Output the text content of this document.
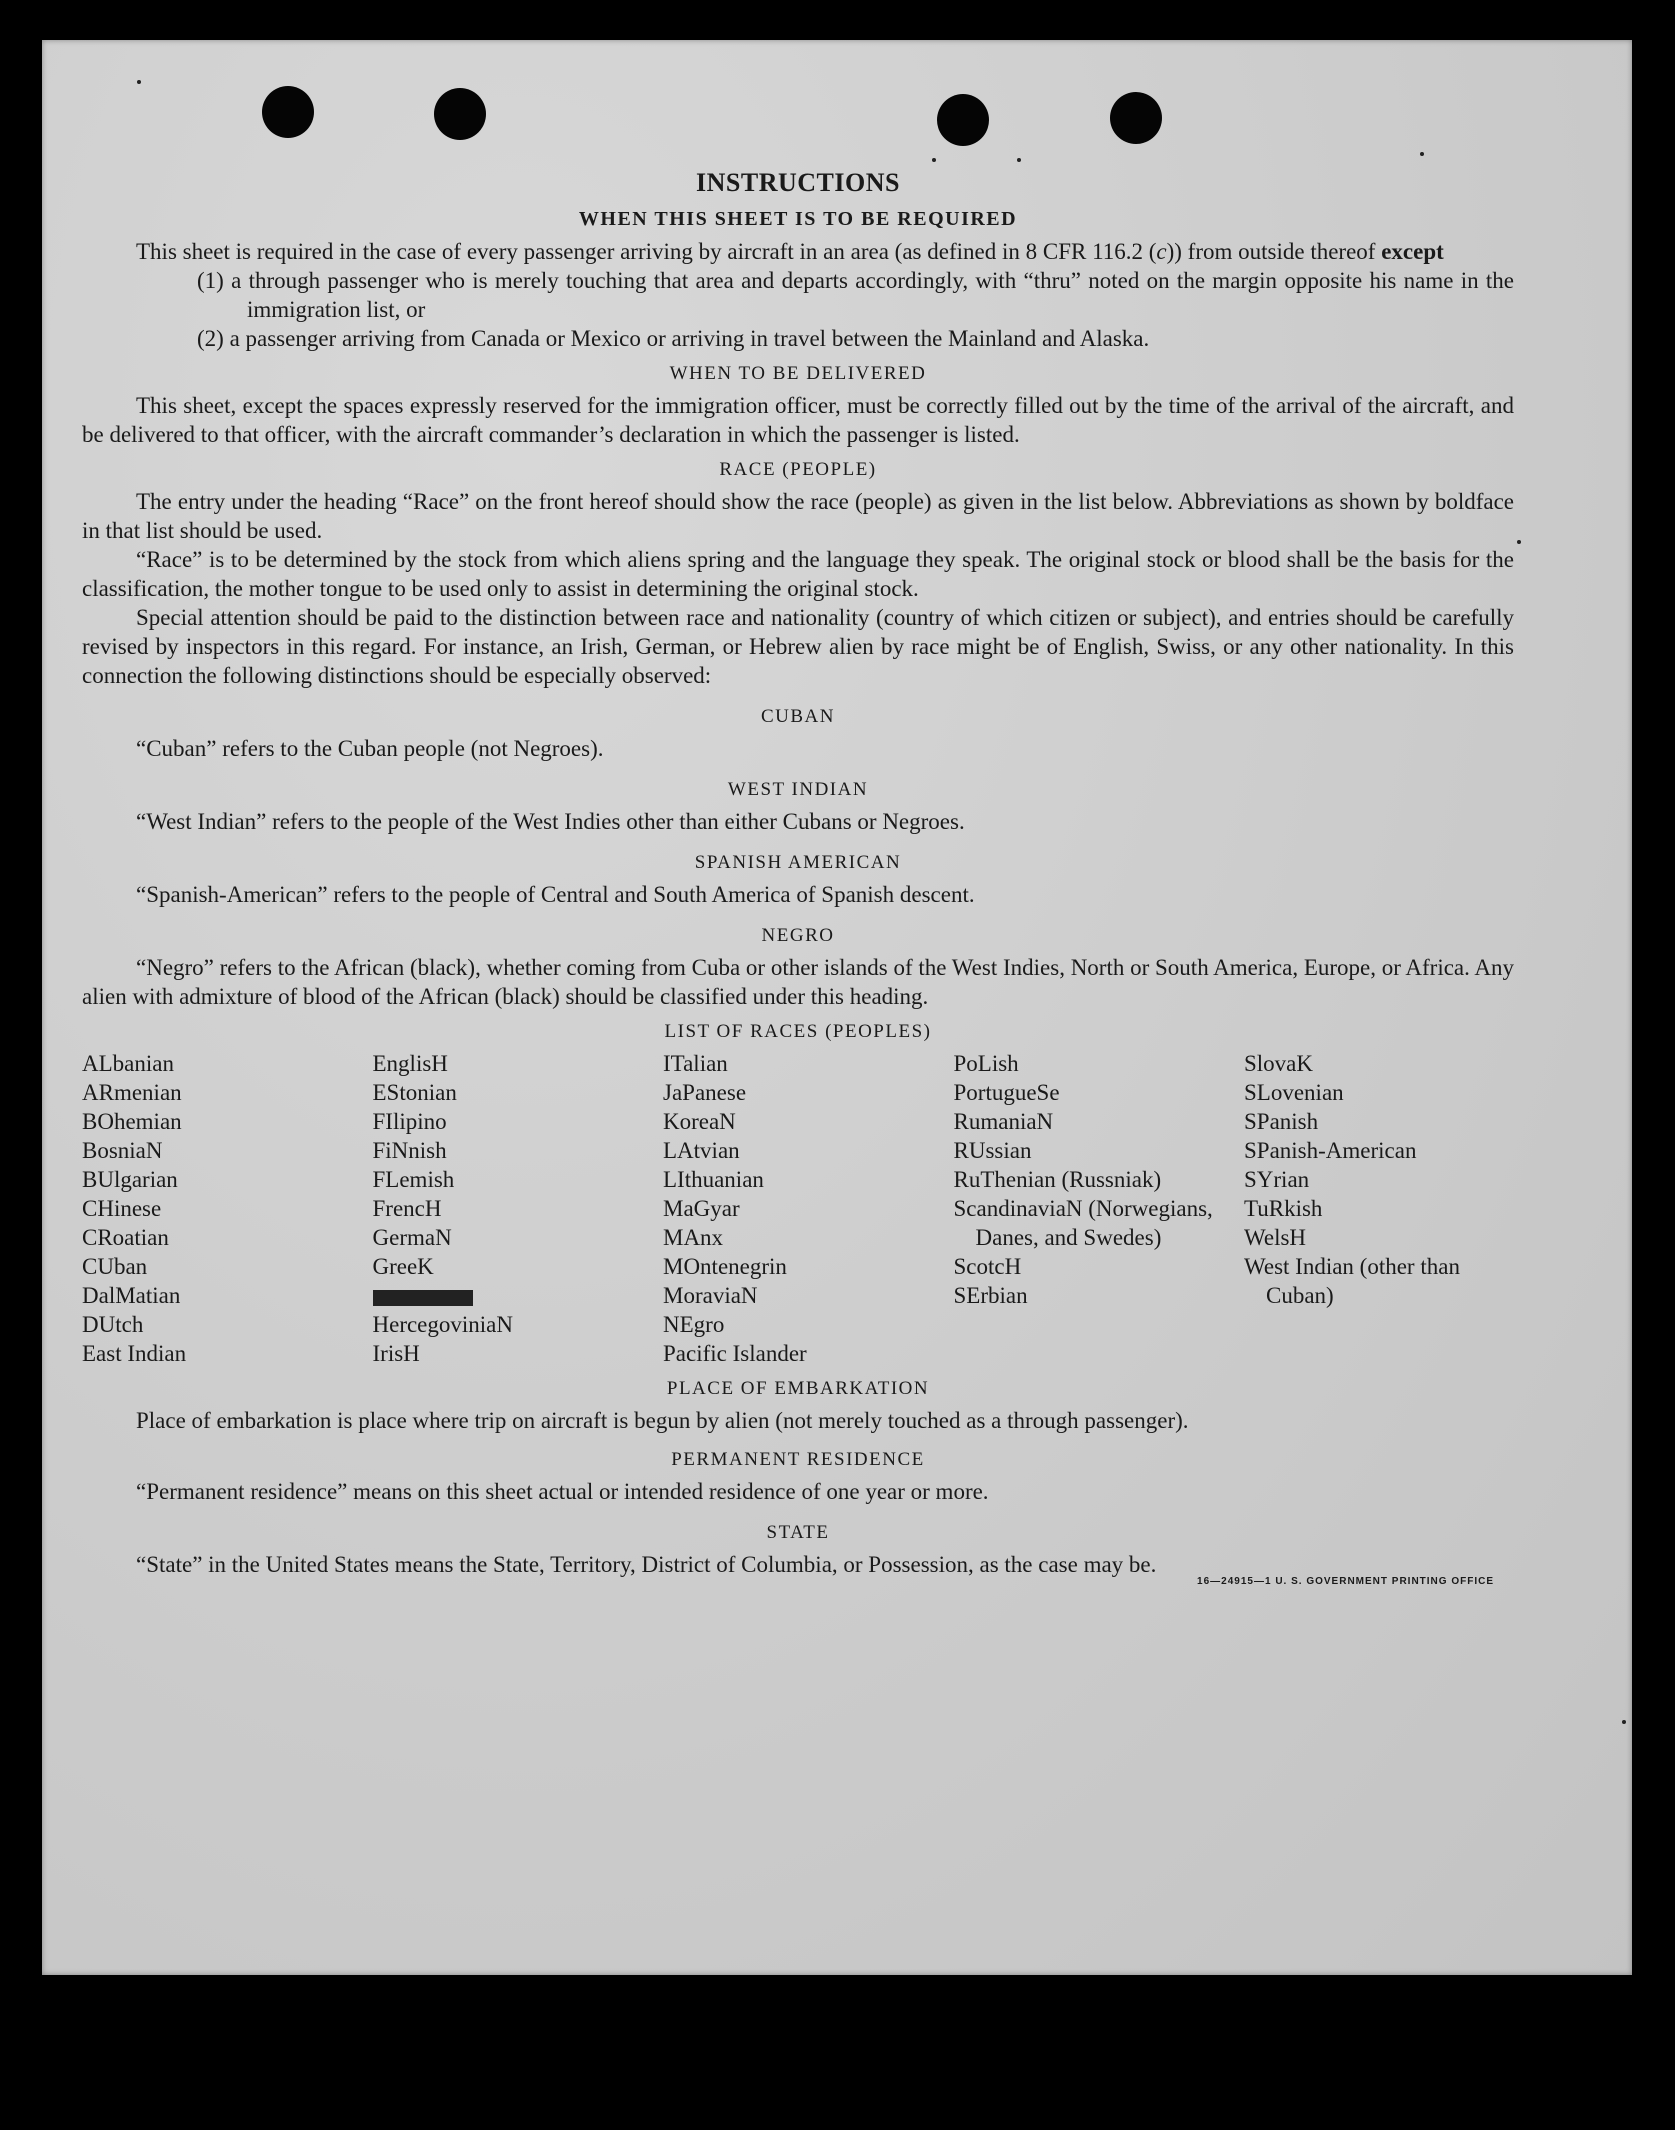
INSTRUCTIONS
WHEN THIS SHEET IS TO BE REQUIRED

This sheet is required in the case of every passenger arriving by aircraft in an area (as defined in 8 CFR 116.2 (c)) from outside thereof except

(1) a through passenger who is merely touching that area and departs accordingly, with “thru” noted on the margin opposite his name in the immigration list, or

(2) a passenger arriving from Canada or Mexico or arriving in travel between the Mainland and Alaska.

WHEN TO BE DELIVERED

This sheet, except the spaces expressly reserved for the immigration officer, must be correctly filled out by the time of the arrival of the aircraft, and be delivered to that officer, with the aircraft commander’s declaration in which the passenger is listed.

RACE (PEOPLE)

The entry under the heading “Race” on the front hereof should show the race (people) as given in the list below. Abbreviations as shown by boldface in that list should be used.

“Race” is to be determined by the stock from which aliens spring and the language they speak. The original stock or blood shall be the basis for the classification, the mother tongue to be used only to assist in determining the original stock.

Special attention should be paid to the distinction between race and nationality (country of which citizen or subject), and entries should be carefully revised by inspectors in this regard. For instance, an Irish, German, or Hebrew alien by race might be of English, Swiss, or any other nationality. In this connection the following distinctions should be especially observed:

CUBAN

“Cuban” refers to the Cuban people (not Negroes).

WEST INDIAN

“West Indian” refers to the people of the West Indies other than either Cubans or Negroes.

SPANISH AMERICAN

“Spanish-American” refers to the people of Central and South America of Spanish descent.

NEGRO

“Negro” refers to the African (black), whether coming from Cuba or other islands of the West Indies, North or South America, Europe, or Africa. Any alien with admixture of blood of the African (black) should be classified under this heading.

LIST OF RACES (PEOPLES)
ALbanian
ARmenian
BOhemian
BosniaN
BUlgarian
CHinese
CRoatian
CUban
DalMatian
DUtch
East Indian
EnglisH
EStonian
FIlipino
FiNnish
FLemish
FrencH
GermaN
GreeK
HercegoviniaN
IrisH
ITalian
JaPanese
KoreaN
LAtvian
LIthuanian
MaGyar
MAnx
MOntenegrin
MoraviaN
NEgro
Pacific Islander
PoLish
PortugueSe
RumaniaN
RUssian
RuThenian (Russniak)
ScandinaviaN (Norwegians, Danes, and Swedes)
ScotcH
SErbian
SlovaK
SLovenian
SPanish
SPanish-American
SYrian
TuRkish
WelsH
West Indian (other than Cuban)
PLACE OF EMBARKATION

Place of embarkation is place where trip on aircraft is begun by alien (not merely touched as a through passenger).

PERMANENT RESIDENCE

“Permanent residence” means on this sheet actual or intended residence of one year or more.

STATE

“State” in the United States means the State, Territory, District of Columbia, or Possession, as the case may be.

16—24915—1 U. S. GOVERNMENT PRINTING OFFICE
